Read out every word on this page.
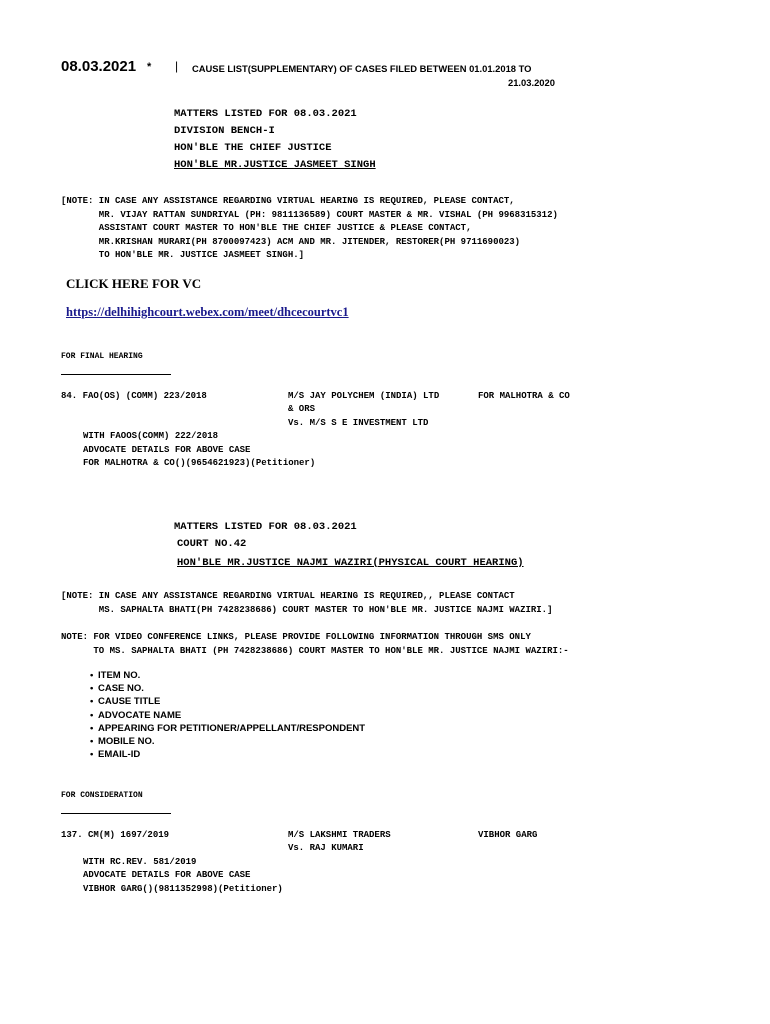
08.03.2021 * | CAUSE LIST(SUPPLEMENTARY) OF CASES FILED BETWEEN 01.01.2018 TO
21.03.2020
MATTERS LISTED FOR 08.03.2021
DIVISION BENCH-I
HON'BLE THE CHIEF JUSTICE
HON'BLE MR.JUSTICE JASMEET SINGH
[NOTE: IN CASE ANY ASSISTANCE REGARDING VIRTUAL HEARING IS REQUIRED, PLEASE CONTACT,
MR. VIJAY RATTAN SUNDRIYAL (PH: 9811136589) COURT MASTER & MR. VISHAL (PH 9968315312)
ASSISTANT COURT MASTER TO HON'BLE THE CHIEF JUSTICE & PLEASE CONTACT,
MR.KRISHAN MURARI(PH 8700097423) ACM AND MR. JITENDER, RESTORER(PH 9711690023)
TO HON'BLE MR. JUSTICE JASMEET SINGH.]
CLICK HERE FOR VC
https://delhihighcourt.webex.com/meet/dhcecourtvc1
FOR FINAL HEARING
84. FAO(OS) (COMM) 223/2018	M/S JAY POLYCHEM (INDIA) LTD
& ORS
Vs. M/S S E INVESTMENT LTD
FOR MALHOTRA & CO
WITH FAOOS(COMM) 222/2018
ADVOCATE DETAILS FOR ABOVE CASE
FOR MALHOTRA & CO()(9654621923)(Petitioner)
MATTERS LISTED FOR 08.03.2021
COURT NO.42
HON'BLE MR.JUSTICE NAJMI WAZIRI(PHYSICAL COURT HEARING)
[NOTE: IN CASE ANY ASSISTANCE REGARDING VIRTUAL HEARING IS REQUIRED,, PLEASE CONTACT
MS. SAPHALTA BHATI(PH 7428238686) COURT MASTER TO HON'BLE MR. JUSTICE NAJMI WAZIRI.]
NOTE: FOR VIDEO CONFERENCE LINKS, PLEASE PROVIDE FOLLOWING INFORMATION THROUGH SMS ONLY
TO MS. SAPHALTA BHATI (PH 7428238686) COURT MASTER TO HON'BLE MR. JUSTICE NAJMI WAZIRI:-
• ITEM NO.
• CASE NO.
• CAUSE TITLE
• ADVOCATE NAME
• APPEARING FOR PETITIONER/APPELLANT/RESPONDENT
• MOBILE NO.
• EMAIL-ID
FOR CONSIDERATION
137. CM(M) 1697/2019	M/S LAKSHMI TRADERS
Vs. RAJ KUMARI
VIBHOR GARG
WITH RC.REV. 581/2019
ADVOCATE DETAILS FOR ABOVE CASE
VIBHOR GARG()(9811352998)(Petitioner)
